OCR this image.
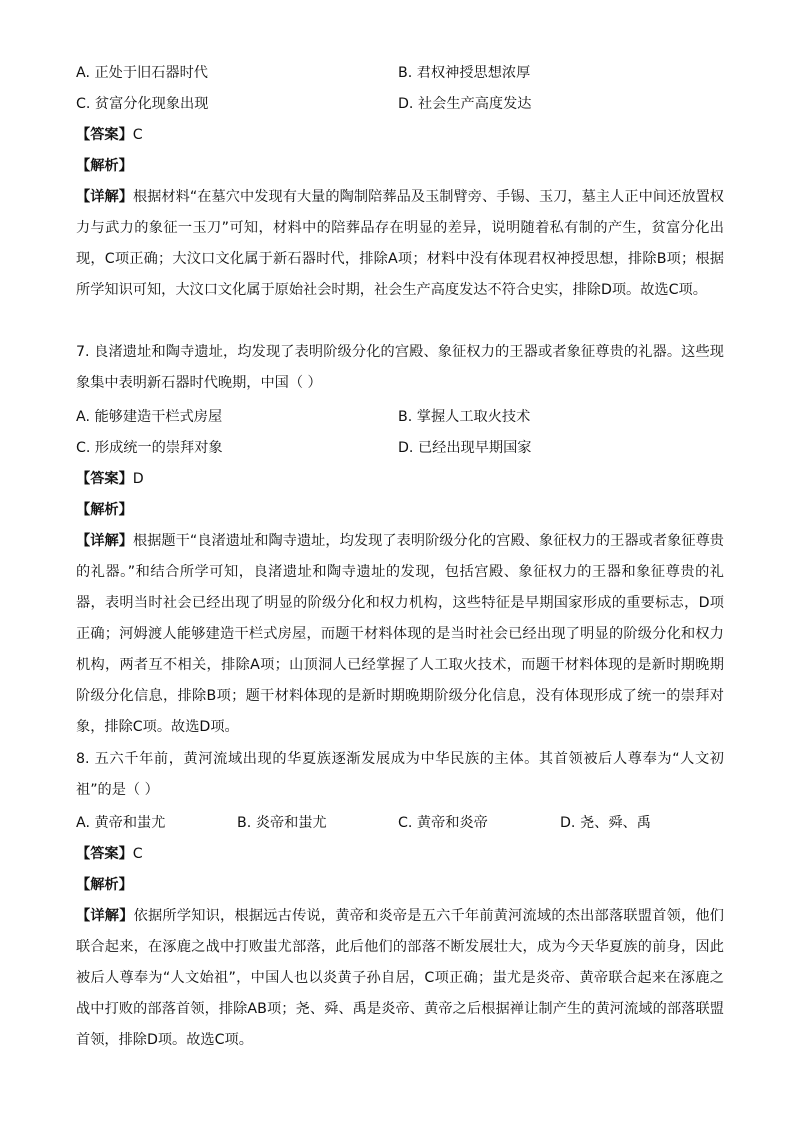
A. 正处于旧石器时代	B. 君权神授思想浓厚
C. 贫富分化现象出现	D. 社会生产高度发达
【答案】C
【解析】
【详解】根据材料“在墓穴中发现有大量的陶制陪葬品及玉制臂旁、手锡、玉刀，墓主人正中间还放置权力与武力的象征一玉刀”可知，材料中的陪葬品存在明显的差异，说明随着私有制的产生，贫富分化出现，C项正确；大汶口文化属于新石器时代，排除A项；材料中没有体现君权神授思想，排除B项；根据所学知识可知，大汶口文化属于原始社会时期，社会生产高度发达不符合史实，排除D项。故选C项。
7. 良渚遗址和陶寺遗址，均发现了表明阶级分化的宫殿、象征权力的王器或者象征尊贵的礼器。这些现象集中表明新石器时代晚期，中国（ ）
A. 能够建造干栏式房屋	B. 掌握人工取火技术
C. 形成统一的崇拜对象	D. 已经出现早期国家
【答案】D
【解析】
【详解】根据题干“良渚遗址和陶寺遗址，均发现了表明阶级分化的宫殿、象征权力的王器或者象征尊贵的礼器。”和结合所学可知，良渚遗址和陶寺遗址的发现，包括宫殿、象征权力的王器和象征尊贵的礼器，表明当时社会已经出现了明显的阶级分化和权力机构，这些特征是早期国家形成的重要标志，D项正确；河姆渡人能够建造干栏式房屋，而题干材料体现的是当时社会已经出现了明显的阶级分化和权力机构，两者互不相关，排除A项；山顶洞人已经掌握了人工取火技术，而题干材料体现的是新时期晚期阶级分化信息，排除B项；题干材料体现的是新时期晚期阶级分化信息，没有体现形成了统一的崇拜对象，排除C项。故选D项。
8. 五六千年前，黄河流域出现的华夏族逐渐发展成为中华民族的主体。其首领被后人尊奉为“人文初祖”的是（ ）
A. 黄帝和蚩尤	B. 炎帝和蚩尤	C. 黄帝和炎帝	D. 尧、舜、禹
【答案】C
【解析】
【详解】依据所学知识，根据远古传说，黄帝和炎帝是五六千年前黄河流域的杰出部落联盟首领，他们联合起来，在涿鹿之战中打败蚩尤部落，此后他们的部落不断发展壮大，成为今天华夏族的前身，因此被后人尊奉为“人文始祖”，中国人也以炎黄子孙自居，C项正确；蚩尤是炎帝、黄帝联合起来在涿鹿之战中打败的部落首领，排除AB项；尧、舜、禹是炎帝、黄帝之后根据禅让制产生的黄河流域的部落联盟首领，排除D项。故选C项。
